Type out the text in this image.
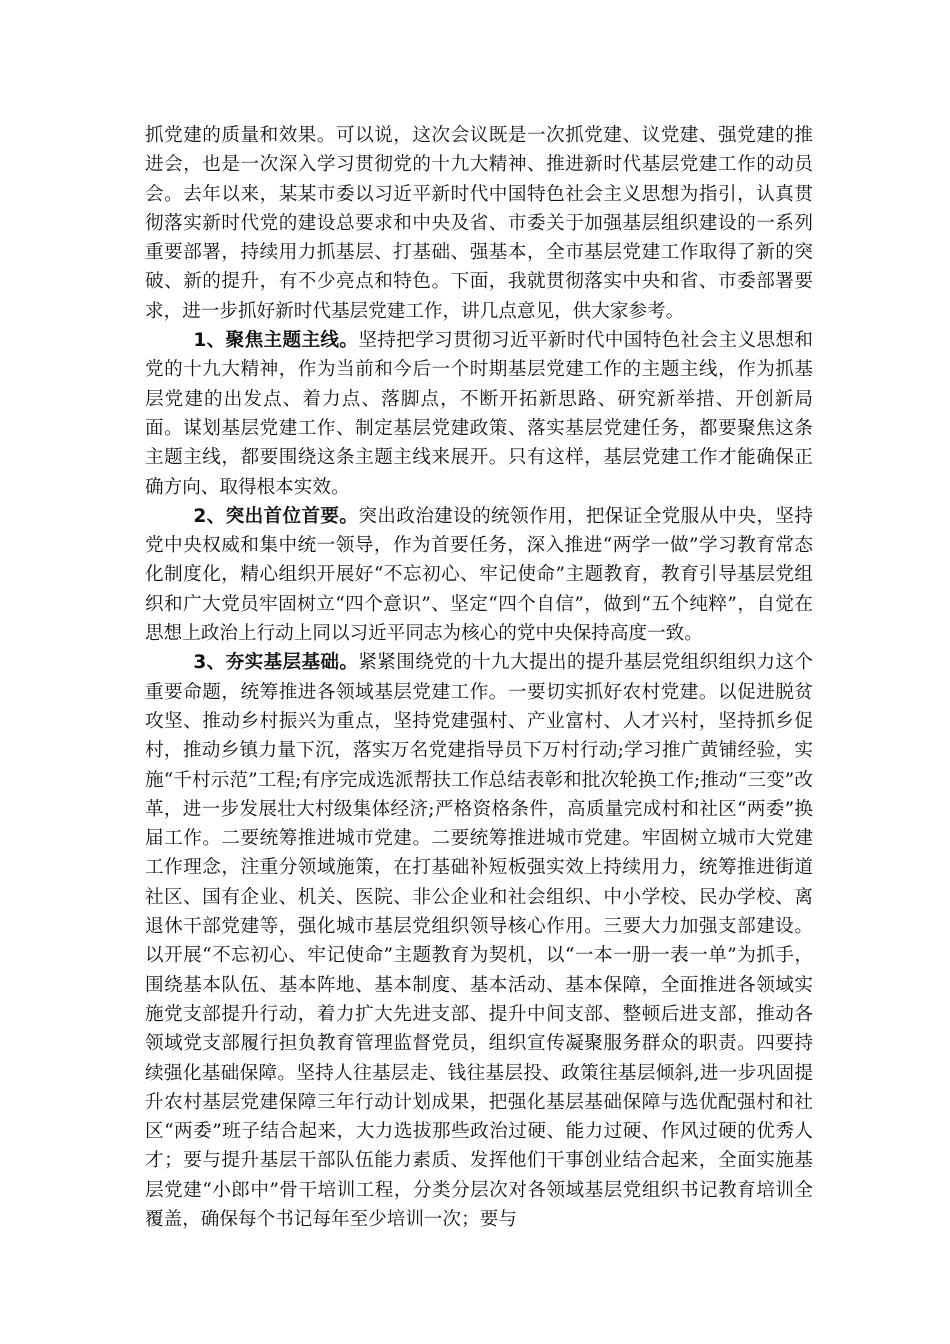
抓党建的质量和效果。可以说，这次会议既是一次抓党建、议党建、强党建的推进会，也是一次深入学习贯彻党的十九大精神、推进新时代基层党建工作的动员会。去年以来，某某市委以习近平新时代中国特色社会主义思想为指引，认真贯彻落实新时代党的建设总要求和中央及省、市委关于加强基层组织建设的一系列重要部署，持续用力抓基层、打基础、强基本，全市基层党建工作取得了新的突破、新的提升，有不少亮点和特色。下面，我就贯彻落实中央和省、市委部署要求，进一步抓好新时代基层党建工作，讲几点意见，供大家参考。

1、聚焦主题主线。坚持把学习贯彻习近平新时代中国特色社会主义思想和党的十九大精神，作为当前和今后一个时期基层党建工作的主题主线，作为抓基层党建的出发点、着力点、落脚点，不断开拓新思路、研究新举措、开创新局面。谋划基层党建工作、制定基层党建政策、落实基层党建任务，都要聚焦这条主题主线，都要围绕这条主题主线来展开。只有这样，基层党建工作才能确保正确方向、取得根本实效。

2、突出首位首要。突出政治建设的统领作用，把保证全党服从中央，坚持党中央权威和集中统一领导，作为首要任务，深入推进“两学一做”学习教育常态化制度化，精心组织开展好“不忘初心、牢记使命”主题教育，教育引导基层党组织和广大党员牢固树立“四个意识”、坚定“四个自信”，做到“五个纯粹”，自觉在思想上政治上行动上同以习近平同志为核心的党中央保持高度一致。

3、夯实基层基础。紧紧围绕党的十九大提出的提升基层党组织组织力这个重要命题，统筹推进各领域基层党建工作。一要切实抓好农村党建。以促进脱贫攻坚、推动乡村振兴为重点，坚持党建强村、产业富村、人才兴村，坚持抓乡促村，推动乡镇力量下沉，落实万名党建指导员下万村行动;学习推广黄铺经验，实施“千村示范”工程;有序完成选派帮扶工作总结表彰和批次轮换工作;推动“三变”改革，进一步发展壮大村级集体经济;严格资格条件，高质量完成村和社区“两委”换届工作。二要统筹推进城市党建。二要统筹推进城市党建。牢固树立城市大党建工作理念，注重分领域施策，在打基础补短板强实效上持续用力，统筹推进街道社区、国有企业、机关、医院、非公企业和社会组织、中小学校、民办学校、离退休干部党建等，强化城市基层党组织领导核心作用。三要大力加强支部建设。以开展“不忘初心、牢记使命”主题教育为契机，以“一本一册一表一单”为抓手，围绕基本队伍、基本阵地、基本制度、基本活动、基本保障，全面推进各领域实施党支部提升行动，着力扩大先进支部、提升中间支部、整顿后进支部，推动各领域党支部履行担负教育管理监督党员，组织宣传凝聚服务群众的职责。四要持续强化基础保障。坚持人往基层走、钱往基层投、政策往基层倾斜,进一步巩固提升农村基层党建保障三年行动计划成果，把强化基层基础保障与选优配强村和社区“两委”班子结合起来，大力选拔那些政治过硬、能力过硬、作风过硬的优秀人才；要与提升基层干部队伍能力素质、发挥他们干事创业结合起来，全面实施基层党建“小郎中”骨干培训工程，分类分层次对各领域基层党组织书记教育培训全覆盖，确保每个书记每年至少培训一次；要与
